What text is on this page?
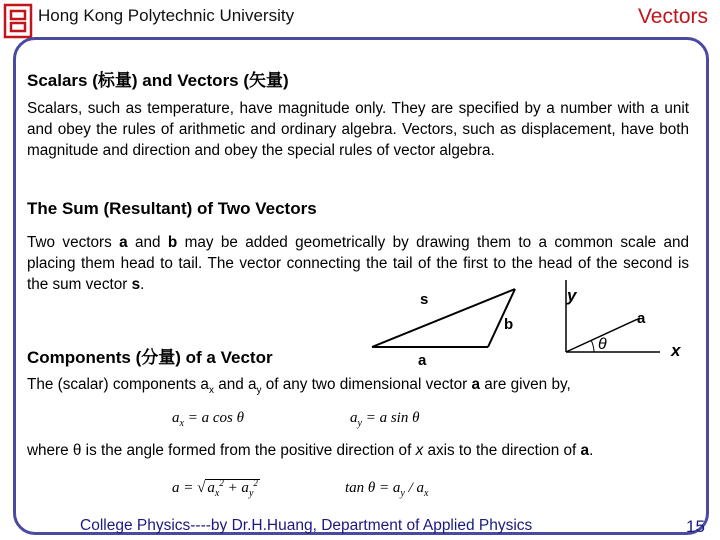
Hong Kong Polytechnic University	Vectors
Scalars (标量) and Vectors (矢量)
Scalars, such as temperature, have magnitude only. They are specified by a number with a unit and obey the rules of arithmetic and ordinary algebra. Vectors, such as displacement, have both magnitude and direction and obey the special rules of vector algebra.
The Sum (Resultant) of Two Vectors
Two vectors a and b may be added geometrically by drawing them to a common scale and placing them head to tail. The vector connecting the tail of the first to the head of the second is the sum vector s.
s
b
a
y
a
θ	x
Components (分量) of a Vector
The (scalar) components $a_x$ and $a_y$ of any two dimensional vector a are given by,
$a_x = a$ cos θ	$a_y = a$ sin θ
where θ is the angle formed from the positive direction of x axis to the direction of a.
a = √ $a_x^2 + a_y^2$	$\tan \theta = a_y / a_x$
College Physics----by Dr.H.Huang, Department of Applied Physics	15
